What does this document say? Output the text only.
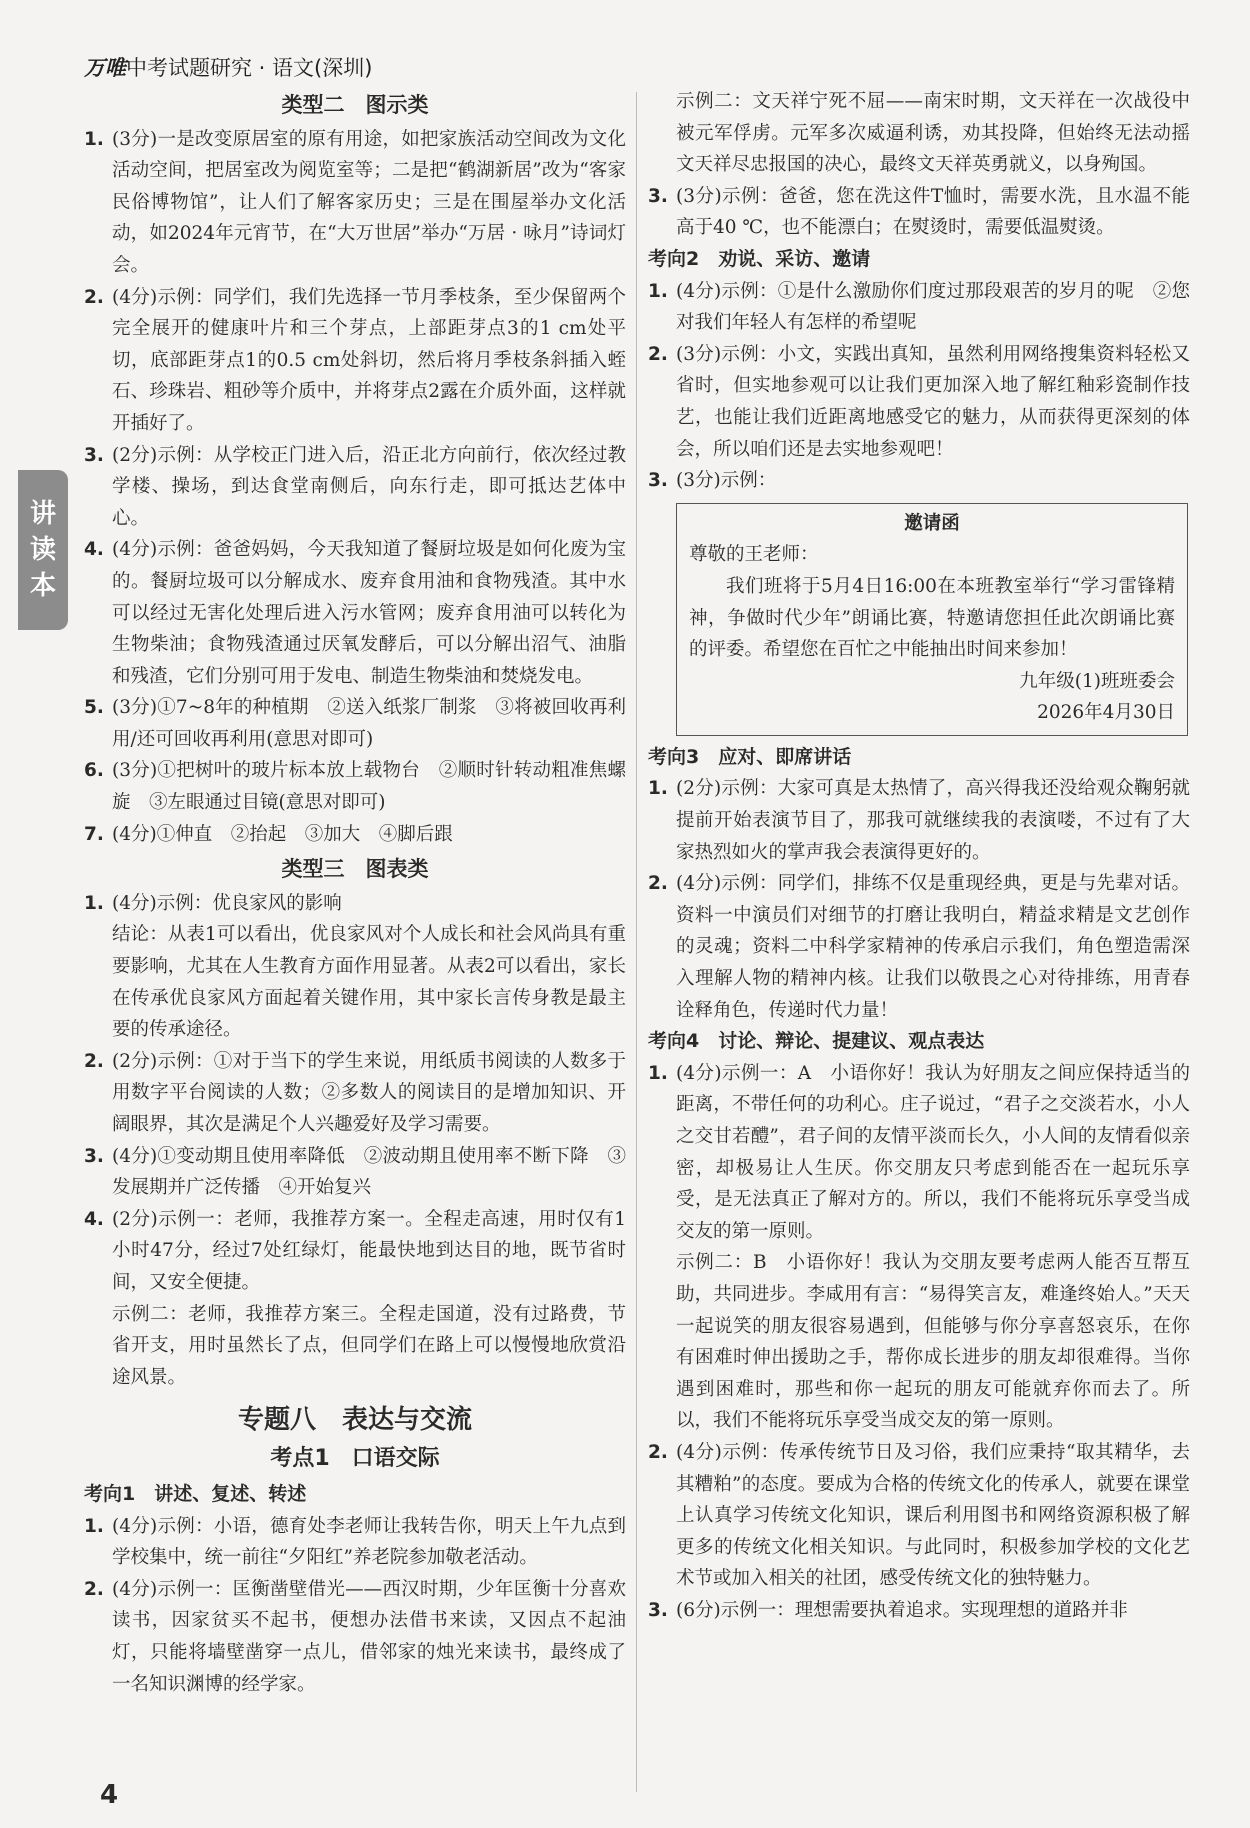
万唯中考试题研究 · 语文(深圳)
讲
读
本
类型二　图示类
1. (3分)一是改变原居室的原有用途，如把家族活动空间改为文化活动空间，把居室改为阅览室等；二是把“鹤湖新居”改为“客家民俗博物馆”，让人们了解客家历史；三是在围屋举办文化活动，如2024年元宵节，在“大万世居”举办“万居 · 咏月”诗词灯会。
2. (4分)示例：同学们，我们先选择一节月季枝条，至少保留两个完全展开的健康叶片和三个芽点，上部距芽点3的1 cm处平切，底部距芽点1的0.5 cm处斜切，然后将月季枝条斜插入蛭石、珍珠岩、粗砂等介质中，并将芽点2露在介质外面，这样就开插好了。
3. (2分)示例：从学校正门进入后，沿正北方向前行，依次经过教学楼、操场，到达食堂南侧后，向东行走，即可抵达艺体中心。
4. (4分)示例：爸爸妈妈，今天我知道了餐厨垃圾是如何化废为宝的。餐厨垃圾可以分解成水、废弃食用油和食物残渣。其中水可以经过无害化处理后进入污水管网；废弃食用油可以转化为生物柴油；食物残渣通过厌氧发酵后，可以分解出沼气、油脂和残渣，它们分别可用于发电、制造生物柴油和焚烧发电。
5. (3分)①7~8年的种植期　②送入纸浆厂制浆　③将被回收再利用/还可回收再利用(意思对即可)
6. (3分)①把树叶的玻片标本放上载物台　②顺时针转动粗准焦螺旋　③左眼通过目镜(意思对即可)
7. (4分)①伸直　②抬起　③加大　④脚后跟
类型三　图表类
1. (4分)示例：优良家风的影响
结论：从表1可以看出，优良家风对个人成长和社会风尚具有重要影响，尤其在人生教育方面作用显著。从表2可以看出，家长在传承优良家风方面起着关键作用，其中家长言传身教是最主要的传承途径。
2. (2分)示例：①对于当下的学生来说，用纸质书阅读的人数多于用数字平台阅读的人数；②多数人的阅读目的是增加知识、开阔眼界，其次是满足个人兴趣爱好及学习需要。
3. (4分)①变动期且使用率降低　②波动期且使用率不断下降　③发展期并广泛传播　④开始复兴
4. (2分)示例一：老师，我推荐方案一。全程走高速，用时仅有1小时47分，经过7处红绿灯，能最快地到达目的地，既节省时间，又安全便捷。
示例二：老师，我推荐方案三。全程走国道，没有过路费，节省开支，用时虽然长了点，但同学们在路上可以慢慢地欣赏沿途风景。
专题八　表达与交流
考点1　口语交际
考向1　讲述、复述、转述
1. (4分)示例：小语，德育处李老师让我转告你，明天上午九点到学校集中，统一前往“夕阳红”养老院参加敬老活动。
2. (4分)示例一：匡衡凿壁借光——西汉时期，少年匡衡十分喜欢读书，因家贫买不起书，便想办法借书来读，又因点不起油灯，只能将墙壁凿穿一点儿，借邻家的烛光来读书，最终成了一名知识渊博的经学家。
示例二：文天祥宁死不屈——南宋时期，文天祥在一次战役中被元军俘虏。元军多次威逼利诱，劝其投降，但始终无法动摇文天祥尽忠报国的决心，最终文天祥英勇就义，以身殉国。
3. (3分)示例：爸爸，您在洗这件T恤时，需要水洗，且水温不能高于40 ℃，也不能漂白；在熨烫时，需要低温熨烫。
考向2　劝说、采访、邀请
1. (4分)示例：①是什么激励你们度过那段艰苦的岁月的呢　②您对我们年轻人有怎样的希望呢
2. (3分)示例：小文，实践出真知，虽然利用网络搜集资料轻松又省时，但实地参观可以让我们更加深入地了解红釉彩瓷制作技艺，也能让我们近距离地感受它的魅力，从而获得更深刻的体会，所以咱们还是去实地参观吧！
3. (3分)示例：
邀请函
尊敬的王老师：
我们班将于5月4日16:00在本班教室举行“学习雷锋精神，争做时代少年”朗诵比赛，特邀请您担任此次朗诵比赛的评委。希望您在百忙之中能抽出时间来参加！
九年级(1)班班委会
2026年4月30日
考向3　应对、即席讲话
1. (2分)示例：大家可真是太热情了，高兴得我还没给观众鞠躬就提前开始表演节目了，那我可就继续我的表演喽，不过有了大家热烈如火的掌声我会表演得更好的。
2. (4分)示例：同学们，排练不仅是重现经典，更是与先辈对话。资料一中演员们对细节的打磨让我明白，精益求精是文艺创作的灵魂；资料二中科学家精神的传承启示我们，角色塑造需深入理解人物的精神内核。让我们以敬畏之心对待排练，用青春诠释角色，传递时代力量！
考向4　讨论、辩论、提建议、观点表达
1. (4分)示例一：A　小语你好！我认为好朋友之间应保持适当的距离，不带任何的功利心。庄子说过，“君子之交淡若水，小人之交甘若醴”，君子间的友情平淡而长久，小人间的友情看似亲密，却极易让人生厌。你交朋友只考虑到能否在一起玩乐享受，是无法真正了解对方的。所以，我们不能将玩乐享受当成交友的第一原则。
示例二：B　小语你好！我认为交朋友要考虑两人能否互帮互助，共同进步。李咸用有言：“易得笑言友，难逢终始人。”天天一起说笑的朋友很容易遇到，但能够与你分享喜怒哀乐，在你有困难时伸出援助之手，帮你成长进步的朋友却很难得。当你遇到困难时，那些和你一起玩的朋友可能就弃你而去了。所以，我们不能将玩乐享受当成交友的第一原则。
2. (4分)示例：传承传统节日及习俗，我们应秉持“取其精华，去其糟粕”的态度。要成为合格的传统文化的传承人，就要在课堂上认真学习传统文化知识，课后利用图书和网络资源积极了解更多的传统文化相关知识。与此同时，积极参加学校的文化艺术节或加入相关的社团，感受传统文化的独特魅力。
3. (6分)示例一：理想需要执着追求。实现理想的道路并非
4
